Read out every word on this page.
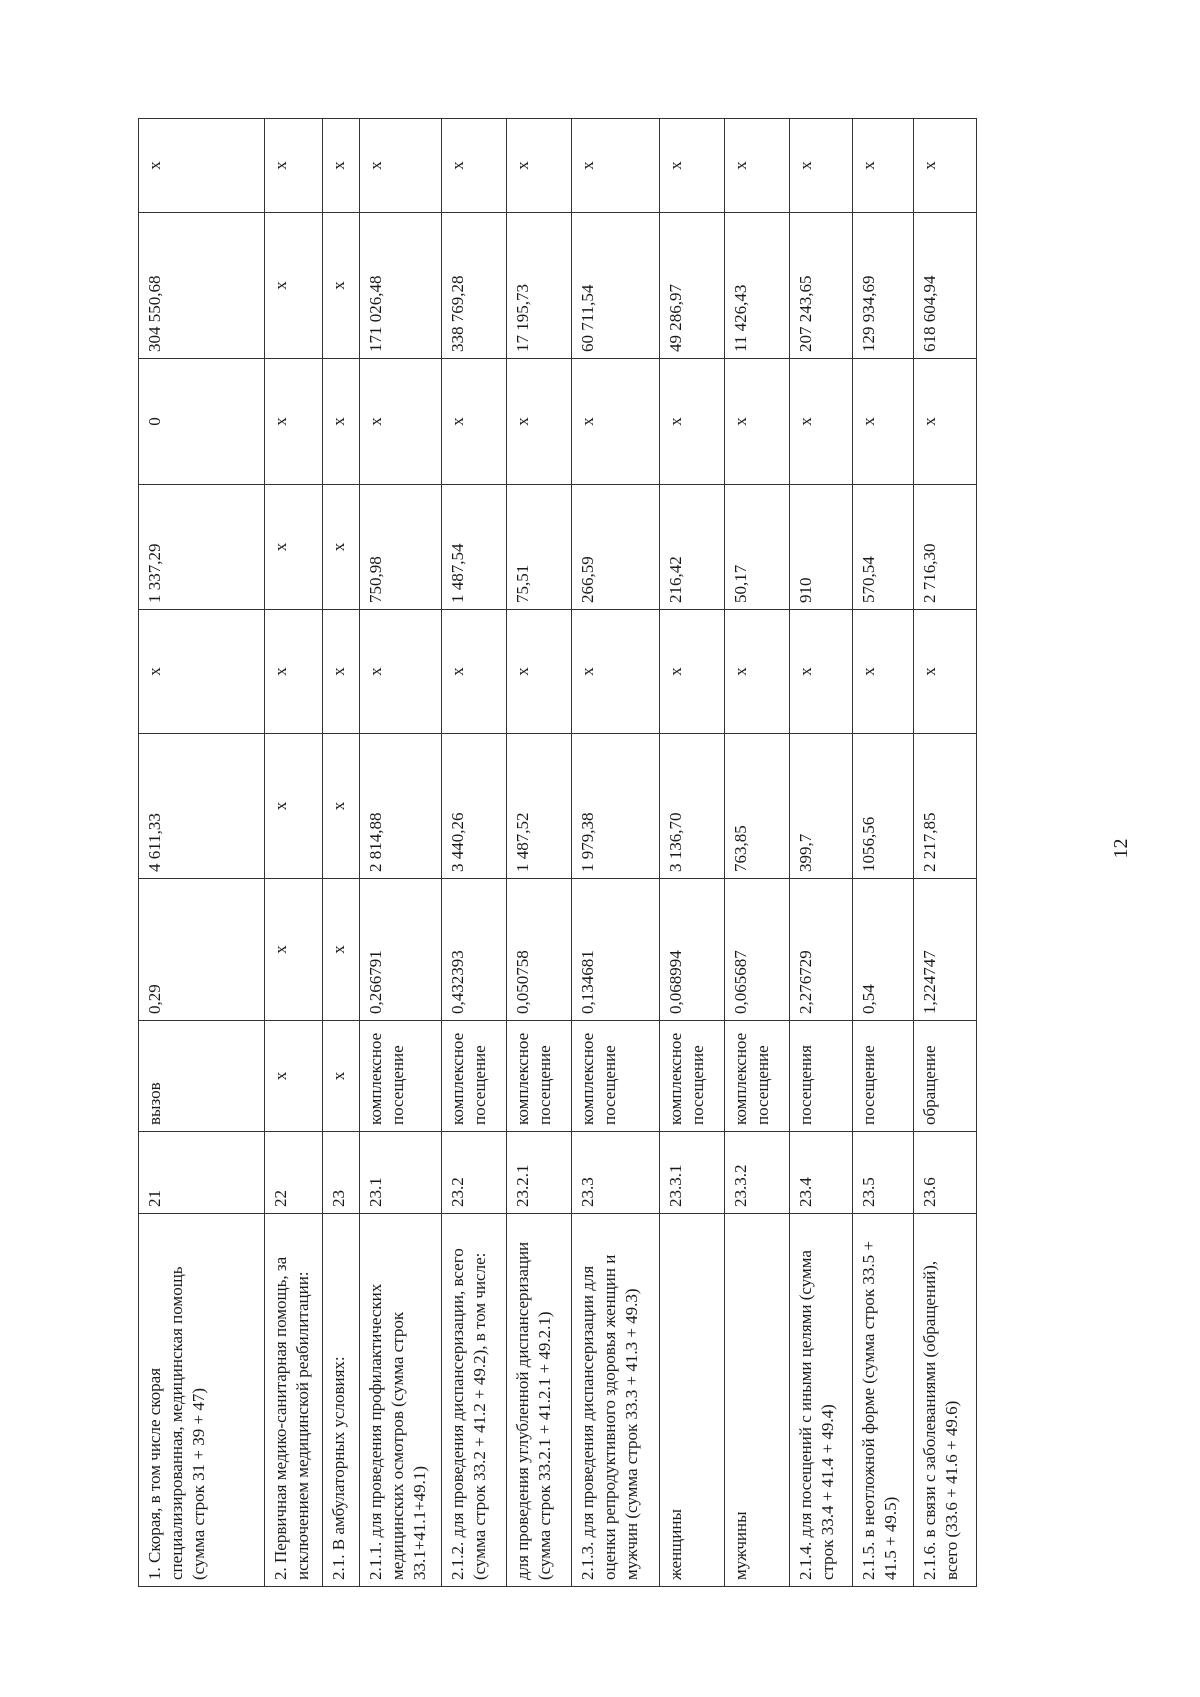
1. Скорая, в том числе скорая специализированная, медицинская помощь (сумма строк 31 + 39 + 47)	21	вызов	0,29	4 611,33	х	1 337,29	0	304 550,68	х
2. Первичная медико-санитарная помощь, за исключением медицинской реабилитации:	22	х	х	х	х	х	х	х	х
2.1. В амбулаторных условиях:	23	х	х	х	х	х	х	х	х
2.1.1. для проведения профилактических медицинских осмотров (сумма строк 33.1+41.1+49.1)	23.1	комплексное посещение	0,266791	2 814,88	х	750,98	х	171 026,48	х
2.1.2. для проведения диспансеризации, всего (сумма строк 33.2 + 41.2 + 49.2), в том числе:	23.2	комплексное посещение	0,432393	3 440,26	х	1 487,54	х	338 769,28	х
для проведения углубленной диспансеризации (сумма строк 33.2.1 + 41.2.1 + 49.2.1)	23.2.1	комплексное посещение	0,050758	1 487,52	х	75,51	х	17 195,73	х
2.1.3. для проведения диспансеризации для оценки репродуктивного здоровья женщин и мужчин (сумма строк 33.3 + 41.3 + 49.3)	23.3	комплексное посещение	0,134681	1 979,38	х	266,59	х	60 711,54	х
женщины	23.3.1	комплексное посещение	0,068994	3 136,70	х	216,42	х	49 286,97	х
мужчины	23.3.2	комплексное посещение	0,065687	763,85	х	50,17	х	11 426,43	х
2.1.4. для посещений с иными целями (сумма строк 33.4 + 41.4 + 49.4)	23.4	посещения	2,276729	399,7	х	910	х	207 243,65	х
2.1.5. в неотложной форме (сумма строк 33.5 + 41.5 + 49.5)	23.5	посещение	0,54	1056,56	х	570,54	х	129 934,69	х
2.1.6. в связи с заболеваниями (обращений), всего (33.6 + 41.6 + 49.6)	23.6	обращение	1,224747	2 217,85	х	2 716,30	х	618 604,94	х
12
